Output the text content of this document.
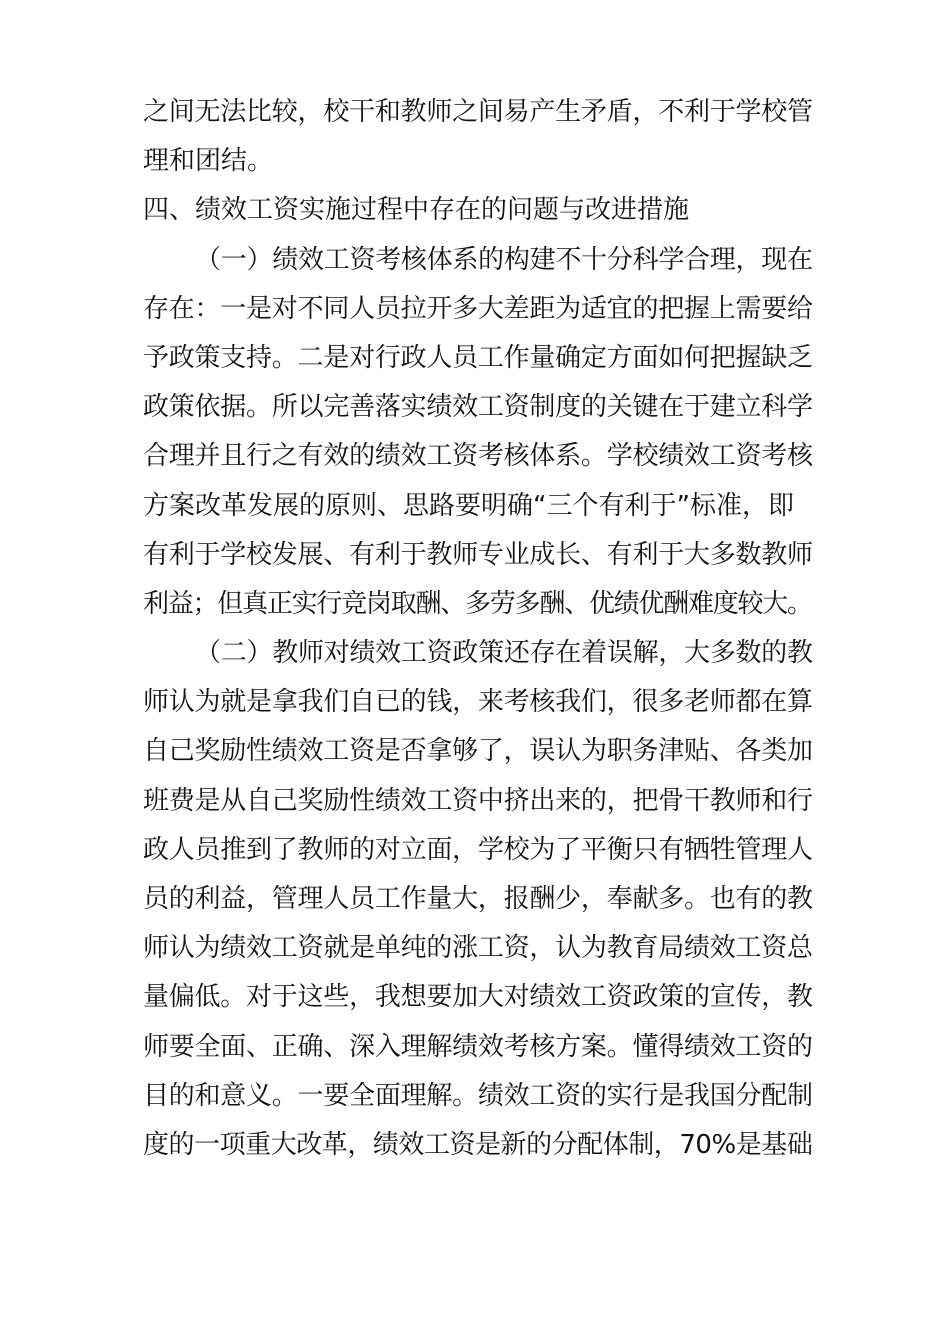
之间无法比较，校干和教师之间易产生矛盾，不利于学校管
理和团结。
四、绩效工资实施过程中存在的问题与改进措施
（一）绩效工资考核体系的构建不十分科学合理，现在
存在：一是对不同人员拉开多大差距为适宜的把握上需要给
予政策支持。二是对行政人员工作量确定方面如何把握缺乏
政策依据。所以完善落实绩效工资制度的关键在于建立科学
合理并且行之有效的绩效工资考核体系。学校绩效工资考核
方案改革发展的原则、思路要明确“三个有利于”标准，即
有利于学校发展、有利于教师专业成长、有利于大多数教师
利益；但真正实行竞岗取酬、多劳多酬、优绩优酬难度较大。
（二）教师对绩效工资政策还存在着误解，大多数的教
师认为就是拿我们自已的钱，来考核我们，很多老师都在算
自己奖励性绩效工资是否拿够了，误认为职务津贴、各类加
班费是从自己奖励性绩效工资中挤出来的，把骨干教师和行
政人员推到了教师的对立面，学校为了平衡只有牺牲管理人
员的利益，管理人员工作量大，报酬少，奉献多。也有的教
师认为绩效工资就是单纯的涨工资，认为教育局绩效工资总
量偏低。对于这些，我想要加大对绩效工资政策的宣传，教
师要全面、正确、深入理解绩效考核方案。懂得绩效工资的
目的和意义。一要全面理解。绩效工资的实行是我国分配制
度的一项重大改革，绩效工资是新的分配体制，70%是基础
